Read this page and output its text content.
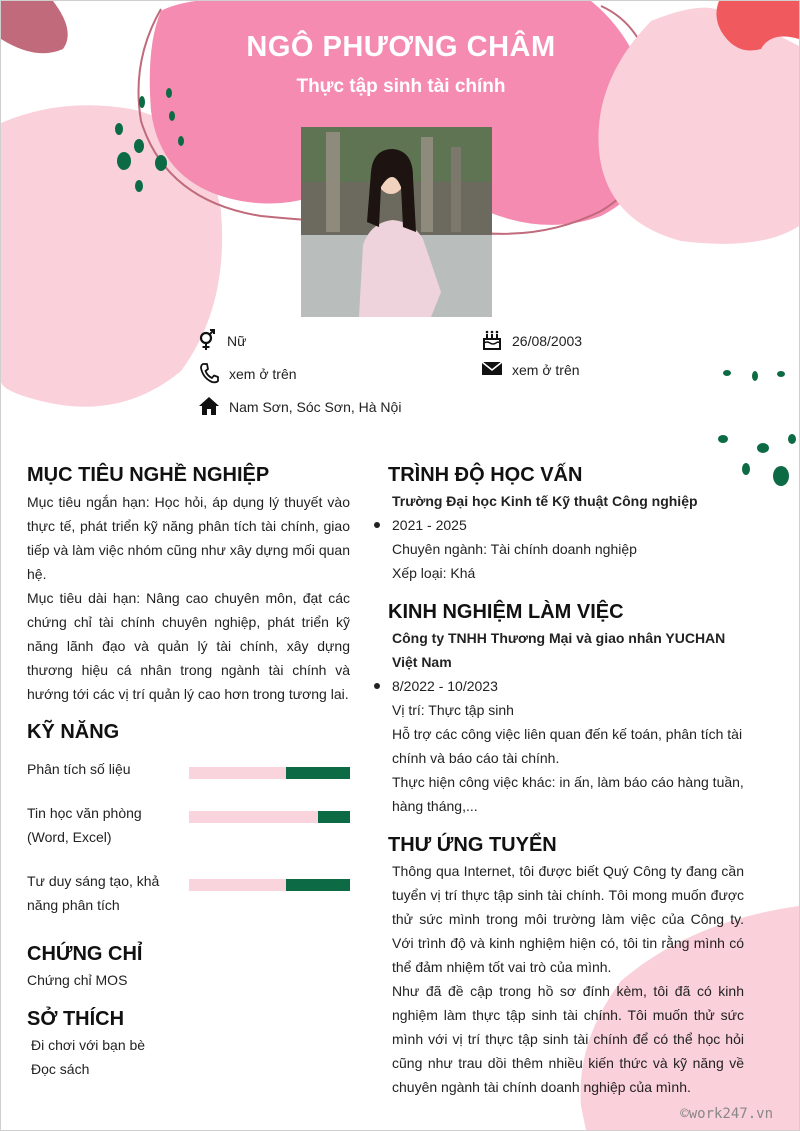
NGÔ PHƯƠNG CHÂM
Thực tập sinh tài chính
Nữ	26/08/2003
xem ở trên	xem ở trên
Nam Sơn, Sóc Sơn, Hà Nội
MỤC TIÊU NGHỀ NGHIỆP
Mục tiêu ngắn hạn: Học hỏi, áp dụng lý thuyết vào thực tế, phát triển kỹ năng phân tích tài chính, giao tiếp và làm việc nhóm cũng như xây dựng mối quan hệ.
Mục tiêu dài hạn: Nâng cao chuyên môn, đạt các chứng chỉ tài chính chuyên nghiệp, phát triển kỹ năng lãnh đạo và quản lý tài chính, xây dựng thương hiệu cá nhân trong ngành tài chính và hướng tới các vị trí quản lý cao hơn trong tương lai.
KỸ NĂNG
Phân tích số liệu
Tin học văn phòng
(Word, Excel)
Tư duy sáng tạo, khả
năng phân tích
CHỨNG CHỈ
Chứng chỉ MOS
SỞ THÍCH
Đi chơi với bạn bè
Đọc sách
TRÌNH ĐỘ HỌC VẤN
Trường Đại học Kinh tế Kỹ thuật Công nghiệp
2021 - 2025
Chuyên ngành: Tài chính doanh nghiệp
Xếp loại: Khá
KINH NGHIỆM LÀM VIỆC
Công ty TNHH Thương Mại và giao nhân YUCHAN Việt Nam
8/2022 - 10/2023
Vị trí: Thực tập sinh
Hỗ trợ các công việc liên quan đến kế toán, phân tích tài chính và báo cáo tài chính.
Thực hiện công việc khác: in ấn, làm báo cáo hàng tuần, hàng tháng,...
THƯ ỨNG TUYỂN
Thông qua Internet, tôi được biết Quý Công ty đang cần tuyển vị trí thực tập sinh tài chính. Tôi mong muốn được thử sức mình trong môi trường làm việc của Công ty. Với trình độ và kinh nghiệm hiện có, tôi tin rằng mình có thể đảm nhiệm tốt vai trò của mình.
Như đã đề cập trong hồ sơ đính kèm, tôi đã có kinh nghiệm làm thực tập sinh tài chính. Tôi muốn thử sức mình với vị trí thực tập sinh tài chính để có thể học hỏi cũng như trau dồi thêm nhiều kiến thức và kỹ năng về chuyên ngành tài chính doanh nghiệp của mình.
©work247.vn
